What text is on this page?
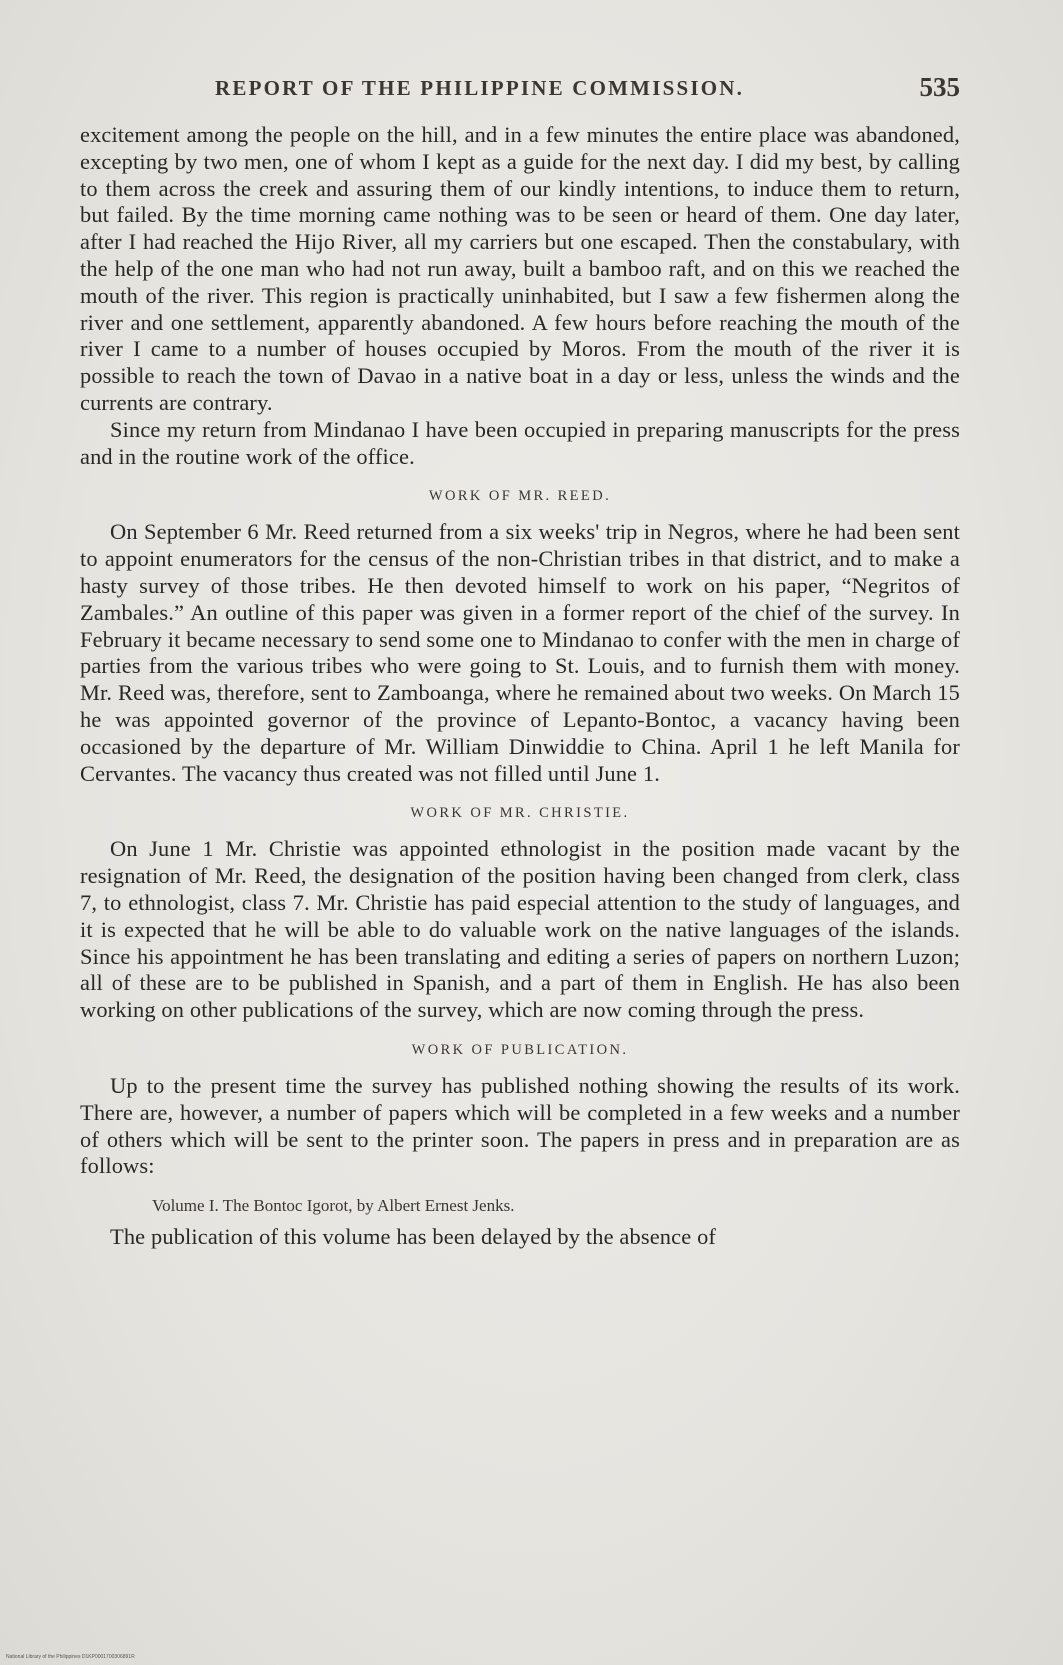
REPORT OF THE PHILIPPINE COMMISSION.	535

excitement among the people on the hill, and in a few minutes the entire place was abandoned, excepting by two men, one of whom I kept as a guide for the next day. I did my best, by calling to them across the creek and assuring them of our kindly intentions, to induce them to return, but failed. By the time morning came nothing was to be seen or heard of them. One day later, after I had reached the Hijo River, all my carriers but one escaped. Then the constabulary, with the help of the one man who had not run away, built a bamboo raft, and on this we reached the mouth of the river. This region is practically uninhabited, but I saw a few fishermen along the river and one settlement, apparently abandoned. A few hours before reaching the mouth of the river I came to a number of houses occupied by Moros. From the mouth of the river it is possible to reach the town of Davao in a native boat in a day or less, unless the winds and the currents are contrary.

Since my return from Mindanao I have been occupied in preparing manuscripts for the press and in the routine work of the office.

WORK OF MR. REED.

On September 6 Mr. Reed returned from a six weeks' trip in Negros, where he had been sent to appoint enumerators for the census of the non-Christian tribes in that district, and to make a hasty survey of those tribes. He then devoted himself to work on his paper, “Negritos of Zambales.” An outline of this paper was given in a former report of the chief of the survey. In February it became necessary to send some one to Mindanao to confer with the men in charge of parties from the various tribes who were going to St. Louis, and to furnish them with money. Mr. Reed was, therefore, sent to Zamboanga, where he remained about two weeks. On March 15 he was appointed governor of the province of Lepanto-Bontoc, a vacancy having been occasioned by the departure of Mr. William Dinwiddie to China. April 1 he left Manila for Cervantes. The vacancy thus created was not filled until June 1.

WORK OF MR. CHRISTIE.

On June 1 Mr. Christie was appointed ethnologist in the position made vacant by the resignation of Mr. Reed, the designation of the position having been changed from clerk, class 7, to ethnologist, class 7. Mr. Christie has paid especial attention to the study of languages, and it is expected that he will be able to do valuable work on the native languages of the islands. Since his appointment he has been translating and editing a series of papers on northern Luzon; all of these are to be published in Spanish, and a part of them in English. He has also been working on other publications of the survey, which are now coming through the press.

WORK OF PUBLICATION.

Up to the present time the survey has published nothing showing the results of its work. There are, however, a number of papers which will be completed in a few weeks and a number of others which will be sent to the printer soon. The papers in press and in preparation are as follows:

Volume I. The Bontoc Igorot, by Albert Ernest Jenks.

The publication of this volume has been delayed by the absence of

National Library of the Philippines D1KP0001700306891R
